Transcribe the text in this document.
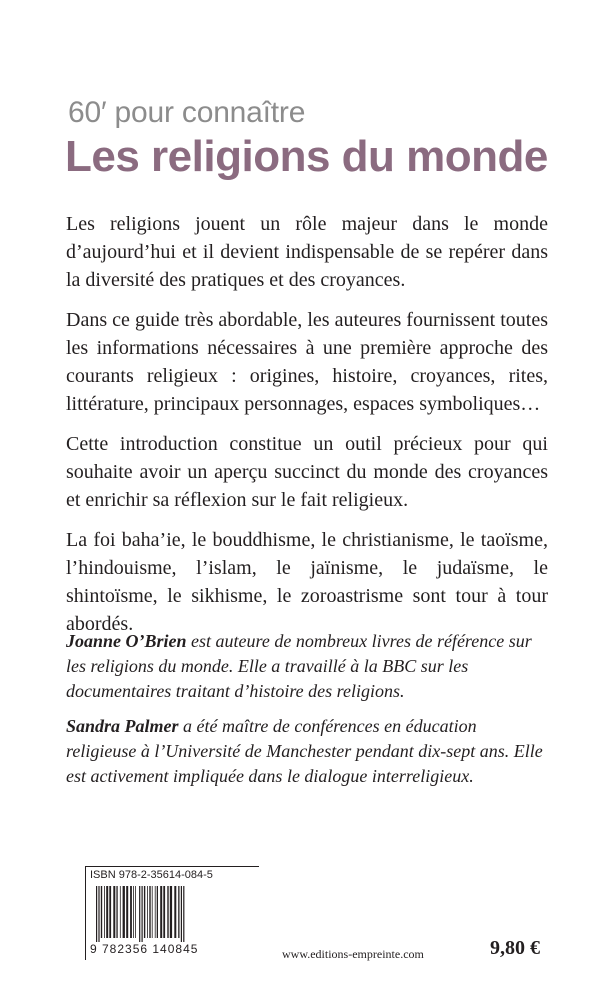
60′ pour connaître
Les religions du monde

Les religions jouent un rôle majeur dans le monde d’aujourd’hui et il devient indispensable de se repérer dans la diversité des pratiques et des croyances.

Dans ce guide très abordable, les auteures fournissent toutes les informations nécessaires à une première approche des courants religieux : origines, histoire, croyances, rites, littérature, principaux personnages, espaces symboliques…

Cette introduction constitue un outil précieux pour qui souhaite avoir un aperçu succinct du monde des croyances et enrichir sa réflexion sur le fait religieux.

La foi baha’ie, le bouddhisme, le christianisme, le taoïsme, l’hindouisme, l’islam, le jaïnisme, le judaïsme, le shintoïsme, le sikhisme, le zoroastrisme sont tour à tour abordés.

Joanne O’Brien est auteure de nombreux livres de référence sur les religions du monde. Elle a travaillé à la BBC sur les documentaires traitant d’histoire des religions.

Sandra Palmer a été maître de conférences en éducation religieuse à l’Université de Manchester pendant dix-sept ans. Elle est activement impliquée dans le dialogue interreligieux.

ISBN 978-2-35614-084-5
9 782356 140845	www.editions-empreinte.com	9,80 €
